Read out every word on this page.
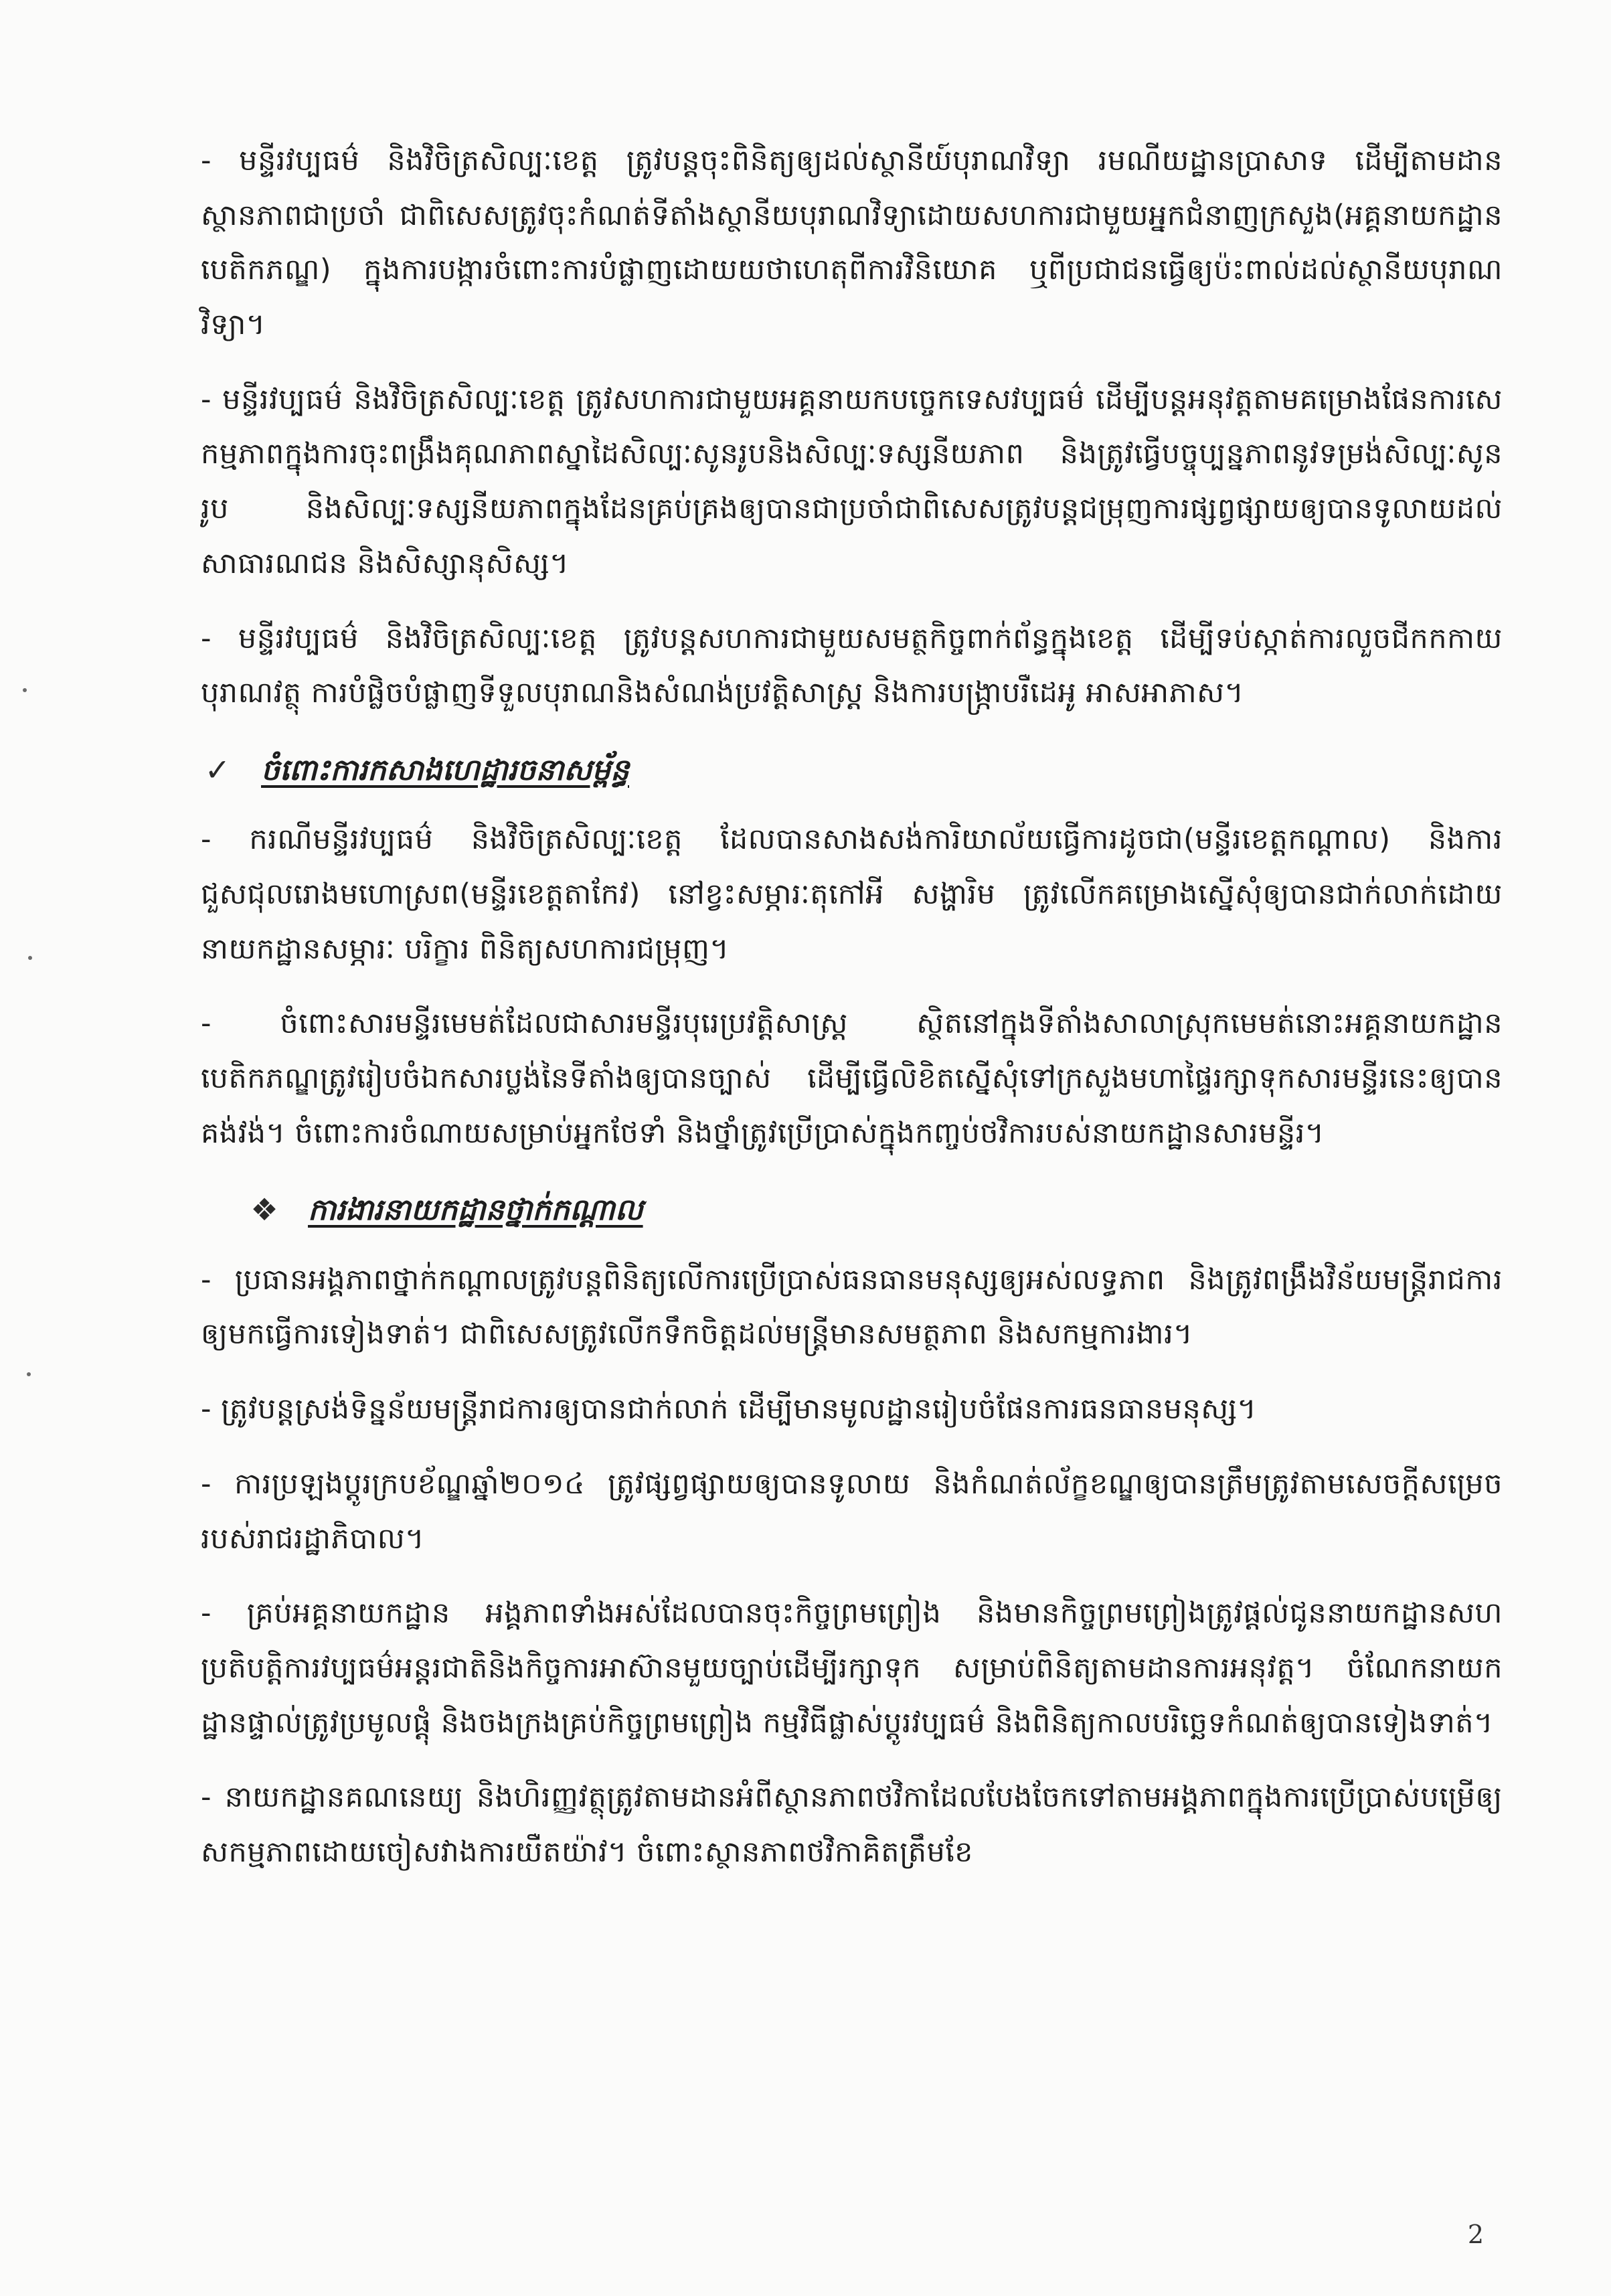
- មន្ទីរវប្បធម៌ និងវិចិត្រសិល្បៈខេត្ត ត្រូវបន្តចុះពិនិត្យឲ្យដល់ស្ថានីយ៍បុរាណវិទ្យា រមណីយដ្ឋានប្រាសាទ ដើម្បីតាមដានស្ថានភាពជាប្រចាំ ជាពិសេសត្រូវចុះកំណត់ទីតាំងស្ថានីយបុរាណវិទ្យាដោយសហការជាមួយអ្នកជំនាញក្រសួង(អគ្គនាយកដ្ឋានបេតិកភណ្ឌ) ក្នុងការបង្ការចំពោះការបំផ្លាញដោយយថាហេតុពីការវិនិយោគ ឬពីប្រជាជនធ្វើឲ្យប៉ះពាល់ដល់ស្ថានីយបុរាណវិទ្យា។

- មន្ទីរវប្បធម៌ និងវិចិត្រសិល្បៈខេត្ត ត្រូវសហការជាមួយអគ្គនាយកបច្ចេកទេសវប្បធម៌ ដើម្បីបន្តអនុវត្តតាមគម្រោងផែនការសេកម្មភាពក្នុងការចុះពង្រឹងគុណភាពស្នាដៃសិល្បៈសូនរូបនិងសិល្បៈទស្សនីយភាព និងត្រូវធ្វើបច្ចុប្បន្នភាពនូវទម្រង់សិល្បៈសូនរូប និងសិល្បៈទស្សនីយភាពក្នុងដែនគ្រប់គ្រងឲ្យបានជាប្រចាំជាពិសេសត្រូវបន្តជម្រុញការផ្សព្វផ្សាយឲ្យបានទូលាយដល់សាធារណជន និងសិស្សានុសិស្ស។

- មន្ទីរវប្បធម៌ និងវិចិត្រសិល្បៈខេត្ត ត្រូវបន្តសហការជាមួយសមត្ថកិច្ចពាក់ព័ន្ធក្នុងខេត្ត ដើម្បីទប់ស្កាត់ការលួចជីកកកាយបុរាណវត្ថុ ការបំផ្លិចបំផ្លាញទីទួលបុរាណនិងសំណង់ប្រវត្តិសាស្ត្រ និងការបង្រ្កាបរឺដេអូ អាសអាភាស។

✓ ចំពោះការកសាងហេដ្ឋារចនាសម្ព័ន្ធ

- ករណីមន្ទីរវប្បធម៌ និងវិចិត្រសិល្បៈខេត្ត ដែលបានសាងសង់ការិយាល័យធ្វើការដូចជា(មន្ទីរខេត្តកណ្តាល) និងការជួសជុលរោងមហោស្រព(មន្ទីរខេត្តតាកែវ) នៅខ្វះសម្ភារៈតុកៅអី សង្ហារិម ត្រូវលើកគម្រោងស្នើសុំឲ្យបានជាក់លាក់ដោយនាយកដ្ឋានសម្ភារៈ បរិក្ខារ ពិនិត្យសហការជម្រុញ។

- ចំពោះសារមន្ទីរមេមត់ដែលជាសារមន្ទីរបុរេប្រវត្តិសាស្ត្រ ស្ថិតនៅក្នុងទីតាំងសាលាស្រុកមេមត់នោះអគ្គនាយកដ្ឋានបេតិកភណ្ឌត្រូវរៀបចំឯកសារប្លង់នៃទីតាំងឲ្យបានច្បាស់ ដើម្បីធ្វើលិខិតស្នើសុំទៅក្រសួងមហាផ្ទៃរក្សាទុកសារមន្ទីរនេះឲ្យបានគង់វង់។ ចំពោះការចំណាយសម្រាប់អ្នកថែទាំ និងថ្នាំត្រូវប្រើប្រាស់ក្នុងកញ្ចប់ថវិការបស់នាយកដ្ឋានសារមន្ទីរ។

❖ ការងារនាយកដ្ឋានថ្នាក់កណ្តាល

- ប្រធានអង្គភាពថ្នាក់កណ្តាលត្រូវបន្តពិនិត្យលើការប្រើប្រាស់ធនធានមនុស្សឲ្យអស់លទ្ធភាព និងត្រូវពង្រឹងវិន័យមន្ត្រីរាជការឲ្យមកធ្វើការទៀងទាត់។ ជាពិសេសត្រូវលើកទឹកចិត្តដល់មន្ត្រីមានសមត្ថភាព និងសកម្មការងារ។

- ត្រូវបន្តស្រង់ទិន្នន័យមន្ត្រីរាជការឲ្យបានជាក់លាក់ ដើម្បីមានមូលដ្ឋានរៀបចំផែនការធនធានមនុស្ស។

- ការប្រឡងប្តូរក្របខ័ណ្ឌឆ្នាំ២០១៤ ត្រូវផ្សព្វផ្សាយឲ្យបានទូលាយ និងកំណត់ល័ក្ខខណ្ឌឲ្យបានត្រឹមត្រូវតាមសេចក្តីសម្រេចរបស់រាជរដ្ឋាភិបាល។

- គ្រប់អគ្គនាយកដ្ឋាន អង្គភាពទាំងអស់ដែលបានចុះកិច្ចព្រមព្រៀង និងមានកិច្ចព្រមព្រៀងត្រូវផ្តល់ជូននាយកដ្ឋានសហប្រតិបត្តិការវប្បធម៌អន្តរជាតិនិងកិច្ចការអាស៊ានមួយច្បាប់ដើម្បីរក្សាទុក សម្រាប់ពិនិត្យតាមដានការអនុវត្ត។ ចំណែកនាយកដ្ឋានផ្ទាល់ត្រូវប្រមូលផ្តុំ និងចងក្រងគ្រប់កិច្ចព្រមព្រៀង កម្មវិធីផ្លាស់ប្តូរវប្បធម៌ និងពិនិត្យកាលបរិច្ឆេទកំណត់ឲ្យបានទៀងទាត់។

- នាយកដ្ឋានគណនេយ្យ និងហិរញ្ញវត្ថុត្រូវតាមដានអំពីស្ថានភាពថវិកាដែលបែងចែកទៅតាមអង្គភាពក្នុងការប្រើប្រាស់បម្រើឲ្យសកម្មភាពដោយចៀសវាងការយឺតយ៉ាវ។ ចំពោះស្ថានភាពថវិកាគិតត្រឹមខែ

2
